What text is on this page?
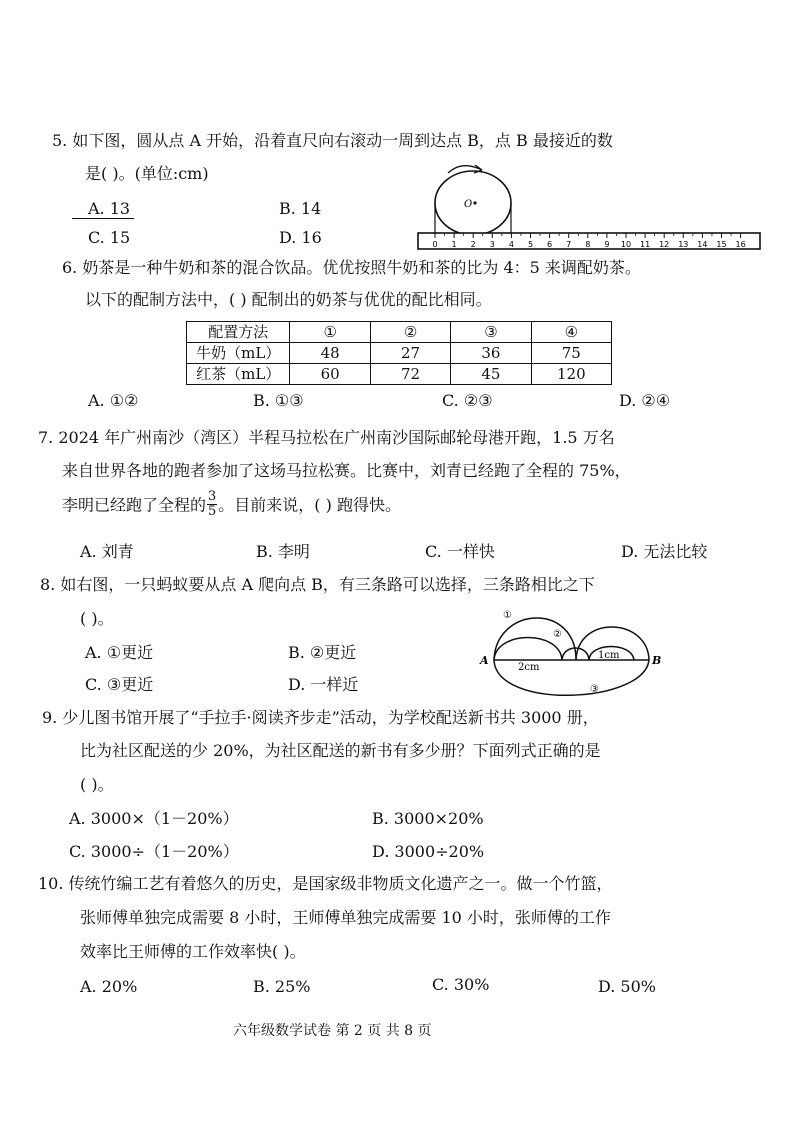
5. 如下图，圆从点 A 开始，沿着直尺向右滚动一周到达点 B，点 B 最接近的数
是( )。(单位:cm)
A. 13	B. 14
C. 15	D. 16
O
0 1 2 3 4 5 6 7 8 9 10 11 12 13 14 15 16
6. 奶茶是一种牛奶和茶的混合饮品。优优按照牛奶和茶的比为 4：5 来调配奶茶。
以下的配制方法中，( ) 配制出的奶茶与优优的配比相同。
配置方法	①	②	③	④
牛奶（mL）	48	27	36	75
红茶（mL）	60	72	45	120
A. ①②	B. ①③	C. ②③	D. ②④
7. 2024 年广州南沙（湾区）半程马拉松在广州南沙国际邮轮母港开跑，1.5 万名
来自世界各地的跑者参加了这场马拉松赛。比赛中，刘青已经跑了全程的 75%，
李明已经跑了全程的 $\frac{3}{5}$ 。目前来说，( ) 跑得快。
A. 刘青	B. 李明	C. 一样快	D. 无法比较
8. 如右图，一只蚂蚁要从点 A 爬向点 B，有三条路可以选择，三条路相比之下
( )。
A. ①更近	B. ②更近
C. ③更近	D. 一样近
A	B
2cm
1cm
①
②
③
9. 少儿图书馆开展了“手拉手·阅读齐步走”活动，为学校配送新书共 3000 册，
比为社区配送的少 20%，为社区配送的新书有多少册？下面列式正确的是
( )。
A. 3000×（1－20%）	B. 3000×20%
C. 3000÷（1－20%）	D. 3000÷20%
10. 传统竹编工艺有着悠久的历史，是国家级非物质文化遗产之一。做一个竹篮，
张师傅单独完成需要 8 小时，王师傅单独完成需要 10 小时，张师傅的工作
效率比王师傅的工作效率快( )。
A. 20%	B. 25%	C. 30%	D. 50%
六年级数学试卷 第 2 页 共 8 页
